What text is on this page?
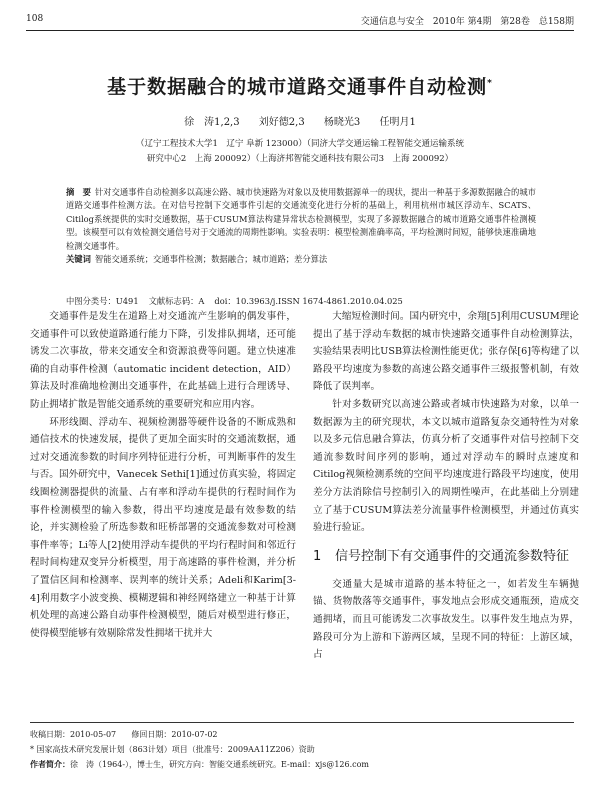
108	交通信息与安全　2010年 第4期　第28卷　总158期
基于数据融合的城市道路交通事件自动检测*
徐　涛1,2,3 刘好德2,3 杨晓光3 任明月1
（辽宁工程技术大学1　辽宁 阜新 123000）（同济大学交通运输工程智能交通运输系统
研究中心2　上海 200092）（上海济邦智能交通科技有限公司3　上海 200092）
摘　要 针对交通事件自动检测多以高速公路、城市快速路为对象以及使用数据源单一的现状，提出一种基于多源数据融合的城市道路交通事件检测方法。在对信号控制下交通事件引起的交通流变化进行分析的基础上，利用杭州市城区浮动车、SCATS、Citilog系统提供的实时交通数据，基于CUSUM算法构建异常状态检测模型，实现了多源数据融合的城市道路交通事件检测模型。该模型可以有效检测交通信号对于交通流的周期性影响。实验表明：模型检测准确率高，平均检测时间短，能够快速准确地检测交通事件。
关键词 智能交通系统；交通事件检测；数据融合；城市道路；差分算法
中图分类号：U491 文献标志码：A doi：10.3963/j.ISSN 1674-4861.2010.04.025

交通事件是发生在道路上对交通流产生影响的偶发事件，交通事件可以致使道路通行能力下降，引发排队拥堵，还可能诱发二次事故，带来交通安全和资源浪费等问题。建立快速准确的自动事件检测（automatic incident detection，AID）算法及时准确地检测出交通事件，在此基础上进行合理诱导、防止拥堵扩散是智能交通系统的重要研究和应用内容。

环形线圈、浮动车、视频检测器等硬件设备的不断成熟和通信技术的快速发展，提供了更加全面实时的交通流数据，通过对交通流参数的时间序列特征进行分析，可判断事件的发生与否。国外研究中，Vanecek Sethi[1]通过仿真实验，将固定线圈检测器提供的流量、占有率和浮动车提供的行程时间作为事件检测模型的输入参数，得出平均速度是最有效参数的结论，并实测检验了所选参数和旺桥部署的交通流参数对可检测事件率等；Li等人[2]使用浮动车提供的平均行程时间和邻近行程时间构建双变异分析模型，用于高速路的事件检测，并分析了置信区间和检测率、误判率的统计关系；Adeli和Karim[3-4]利用数字小波变换、模糊逻辑和神经网络建立一种基于计算机处理的高速公路自动事件检测模型，随后对模型进行修正，使得模型能够有效剔除常发性拥堵干扰并大

大缩短检测时间。国内研究中，余翔[5]利用CUSUM理论提出了基于浮动车数据的城市快速路交通事件自动检测算法，实验结果表明比USB算法检测性能更优；张存保[6]等构建了以路段平均速度为参数的高速公路交通事件三级报警机制，有效降低了误判率。

针对多数研究以高速公路或者城市快速路为对象，以单一数据源为主的研究现状，本文以城市道路复杂交通特性为对象以及多元信息融合算法，仿真分析了交通事件对信号控制下交通流参数时间序列的影响，通过对浮动车的瞬时点速度和Citilog视频检测系统的空间平均速度进行路段平均速度，使用差分方法消除信号控制引入的周期性噪声，在此基础上分别建立了基于CUSUM算法差分流量事件检测模型，并通过仿真实验进行验证。

1	信号控制下有交通事件的交通流参数特征

交通量大是城市道路的基本特征之一，如若发生车辆抛锚、货物散落等交通事件，事发地点会形成交通瓶颈，造成交通拥堵，而且可能诱发二次事故发生。以事件发生地点为界，路段可分为上游和下游两区域，呈现不同的特征：上游区域，占

收稿日期：2010-05-07 修回日期：2010-07-02
* 国家高技术研究发展计划（863计划）项目（批准号：2009AA11Z206）资助
作者简介：徐　涛（1964-），博士生，研究方向：智能交通系统研究。E-mail：xjs@126.com
